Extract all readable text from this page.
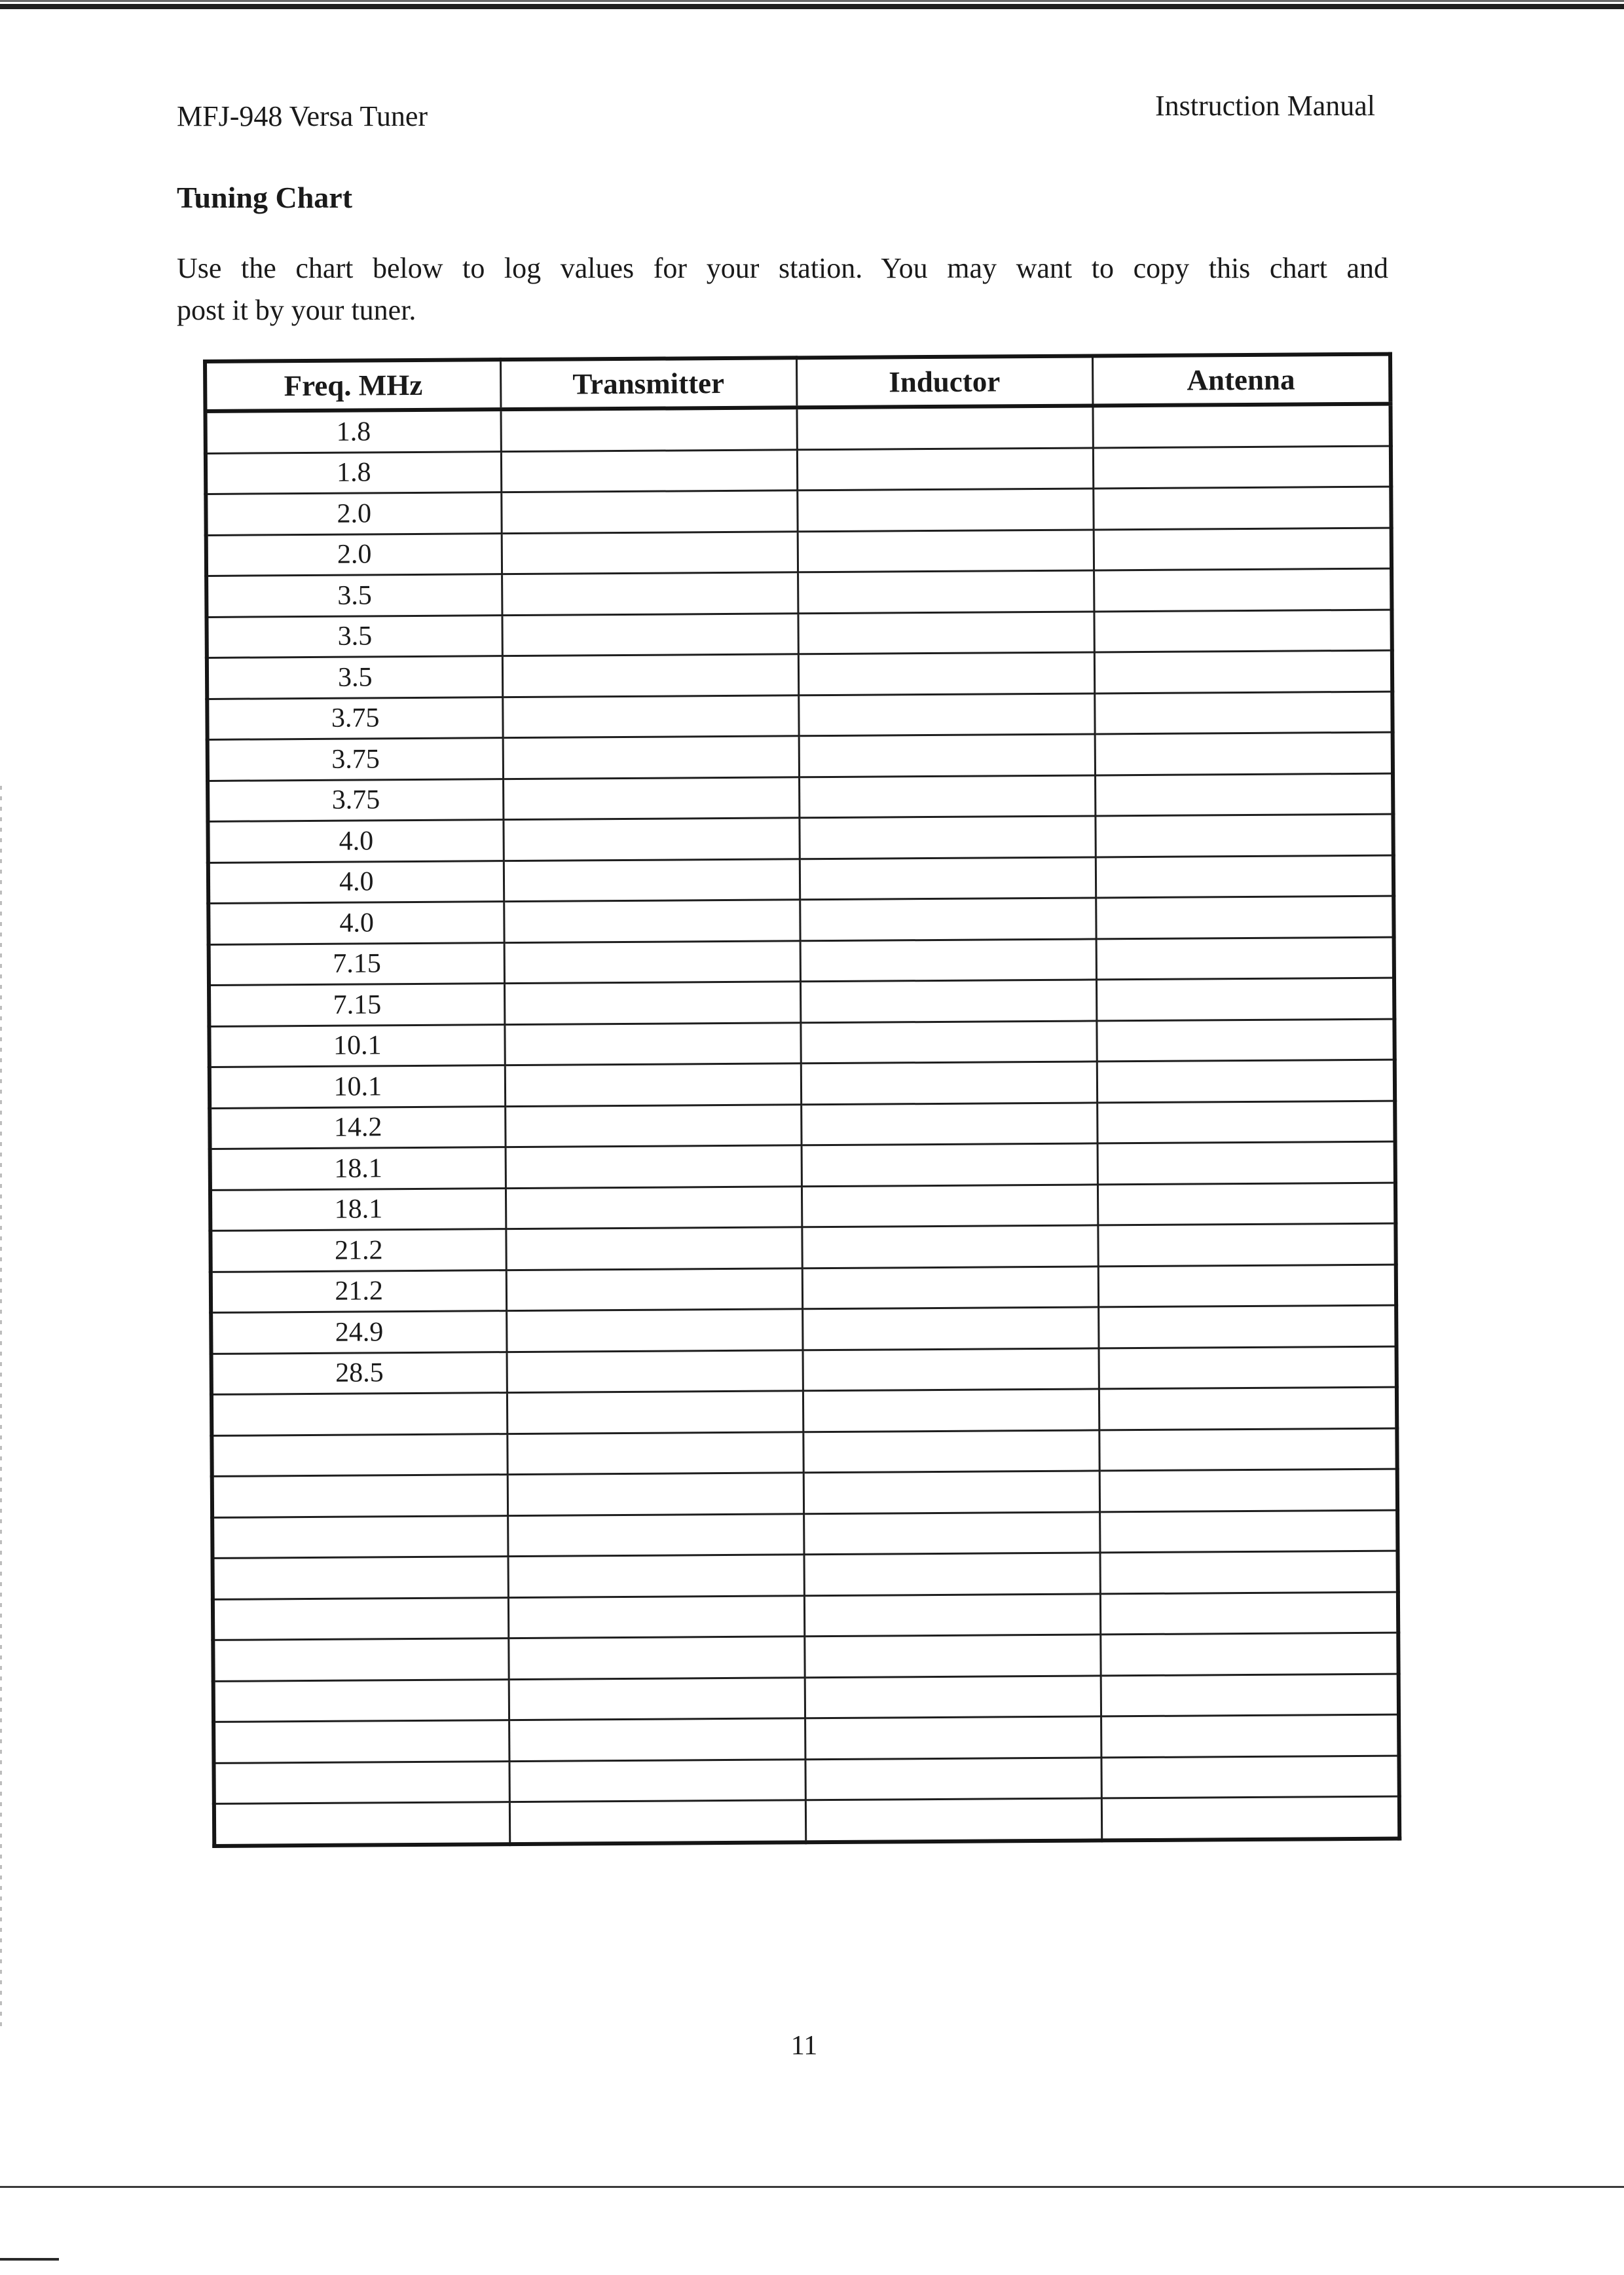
MFJ-948 Versa Tuner	Instruction Manual
Tuning Chart
Use the chart below to log values for your station. You may want to copy this chart and
post it by your tuner.
Freq. MHz	Transmitter	Inductor	Antenna
1.8			
1.8			
2.0			
2.0			
3.5			
3.5			
3.5			
3.75			
3.75			
3.75			
4.0			
4.0			
4.0			
7.15			
7.15			
10.1			
10.1			
14.2			
18.1			
18.1			
21.2			
21.2			
24.9			
28.5			

11
